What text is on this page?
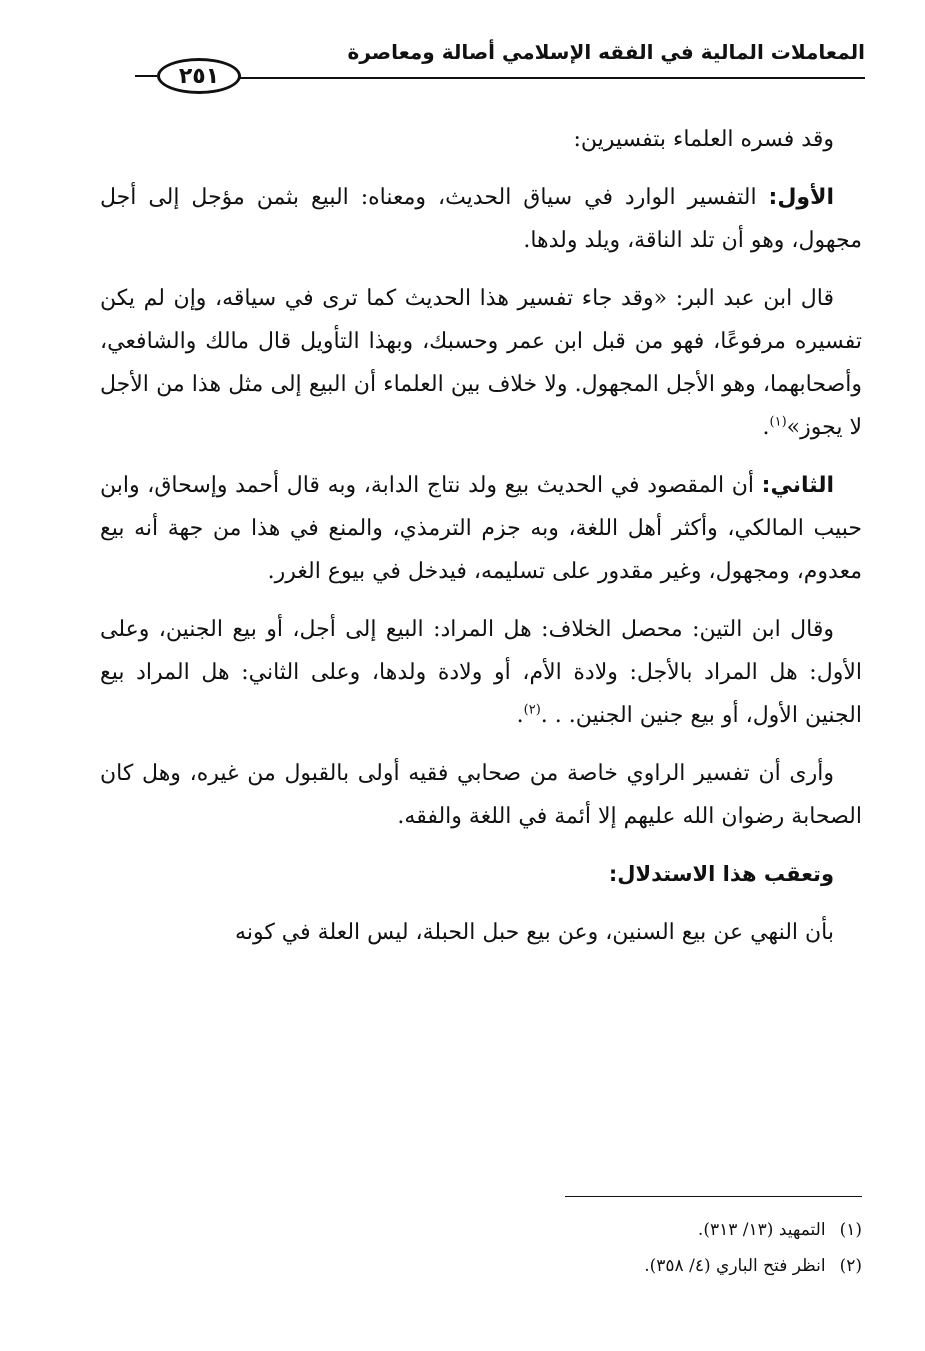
المعاملات المالية في الفقه الإسلامي أصالة ومعاصرة
٢٥١

وقد فسره العلماء بتفسيرين:

الأول: التفسير الوارد في سياق الحديث، ومعناه: البيع بثمن مؤجل إلى أجل مجهول، وهو أن تلد الناقة، ويلد ولدها.

قال ابن عبد البر: «وقد جاء تفسير هذا الحديث كما ترى في سياقه، وإن لم يكن تفسيره مرفوعًا، فهو من قبل ابن عمر وحسبك، وبهذا التأويل قال مالك والشافعي، وأصحابهما، وهو الأجل المجهول. ولا خلاف بين العلماء أن البيع إلى مثل هذا من الأجل لا يجوز»$^{(١)}$.

الثاني: أن المقصود في الحديث بيع ولد نتاج الدابة، وبه قال أحمد وإسحاق، وابن حبيب المالكي، وأكثر أهل اللغة، وبه جزم الترمذي، والمنع في هذا من جهة أنه بيع معدوم، ومجهول، وغير مقدور على تسليمه، فيدخل في بيوع الغرر.

وقال ابن التين: محصل الخلاف: هل المراد: البيع إلى أجل، أو بيع الجنين، وعلى الأول: هل المراد بالأجل: ولادة الأم، أو ولادة ولدها، وعلى الثاني: هل المراد بيع الجنين الأول، أو بيع جنين الجنين. . .$^{(٢)}$.

وأرى أن تفسير الراوي خاصة من صحابي فقيه أولى بالقبول من غيره، وهل كان الصحابة رضوان الله عليهم إلا أئمة في اللغة والفقه.

وتعقب هذا الاستدلال:

بأن النهي عن بيع السنين، وعن بيع حبل الحبلة، ليس العلة في كونه

(١)التمهيد (١٣/ ٣١٣).
(٢)انظر فتح الباري (٤/ ٣٥٨).
